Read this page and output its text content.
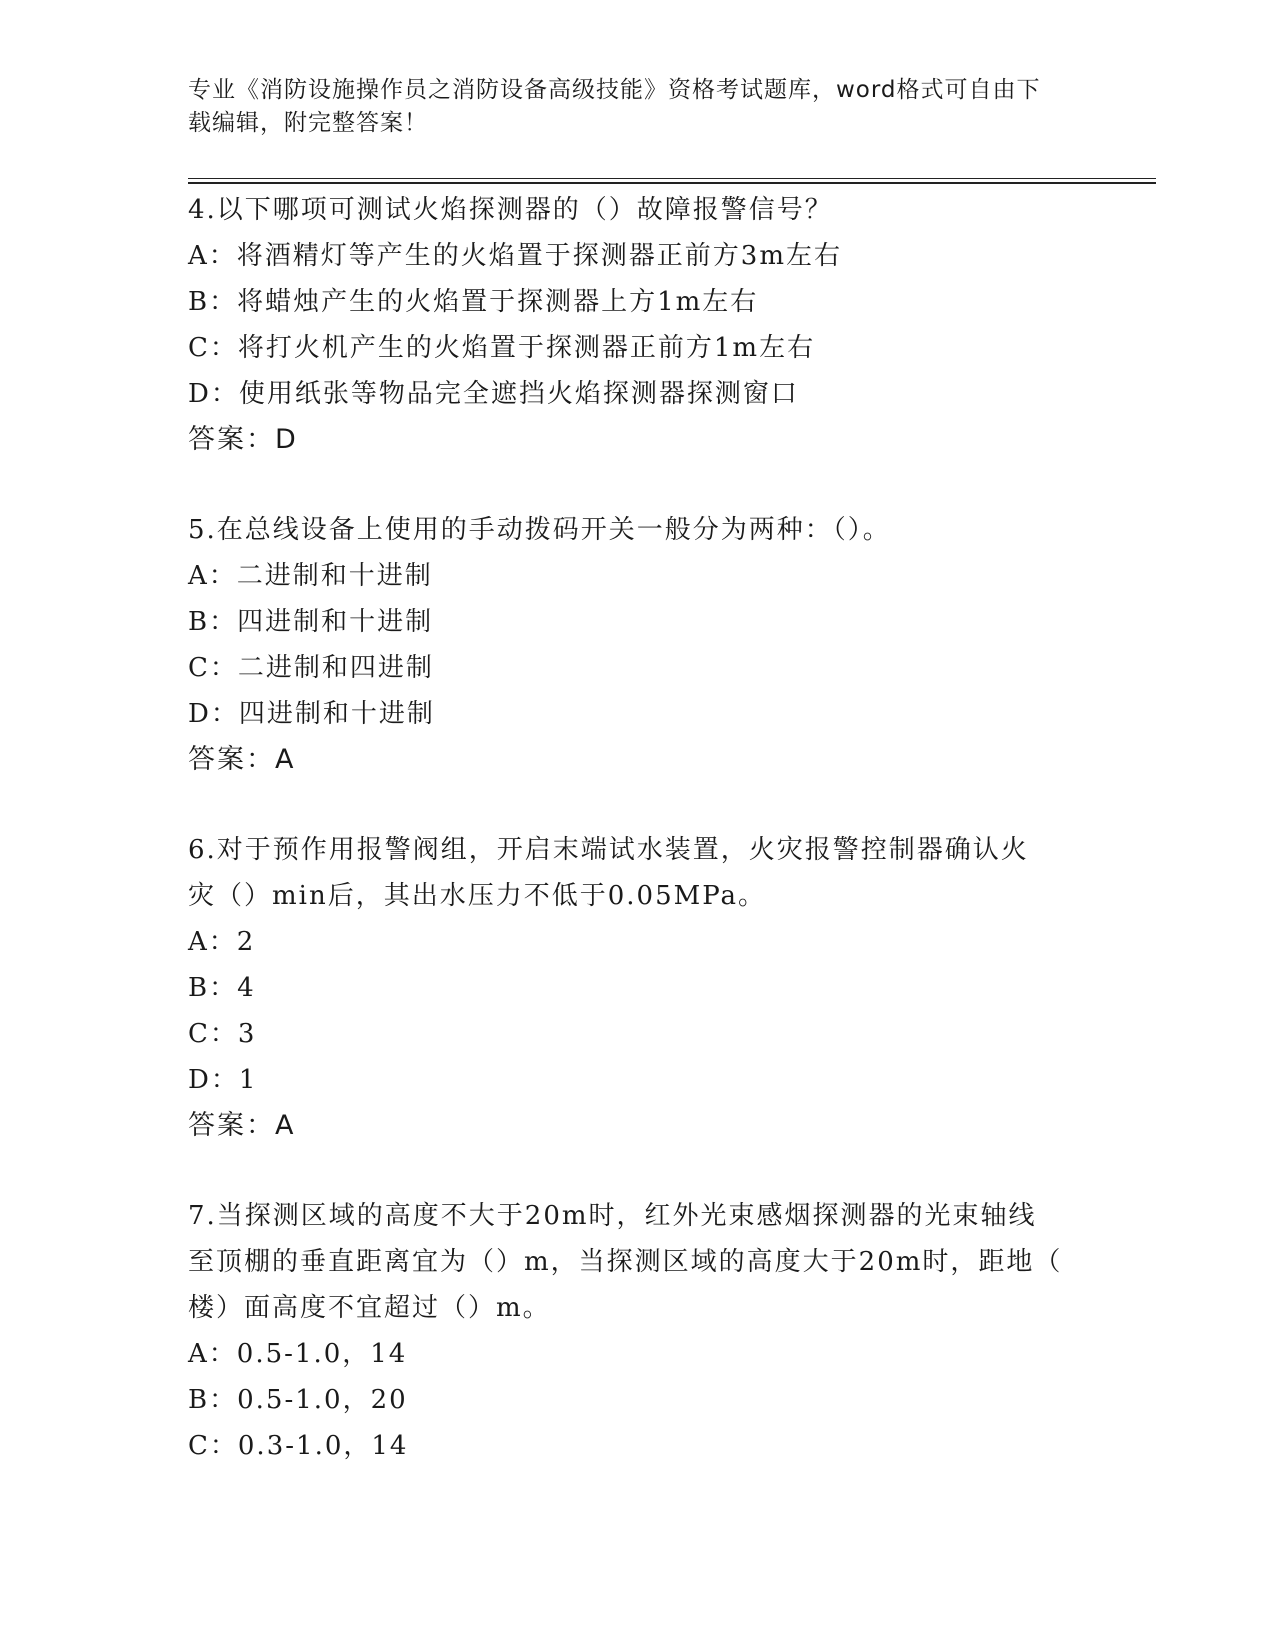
专业《消防设施操作员之消防设备高级技能》资格考试题库，word格式可自由下
载编辑，附完整答案！
4.以下哪项可测试火焰探测器的（）故障报警信号？
A：将酒精灯等产生的火焰置于探测器正前方3m左右
B：将蜡烛产生的火焰置于探测器上方1m左右
C：将打火机产生的火焰置于探测器正前方1m左右
D：使用纸张等物品完全遮挡火焰探测器探测窗口
答案：D
5.在总线设备上使用的手动拨码开关一般分为两种：（）。
A：二进制和十进制
B：四进制和十进制
C：二进制和四进制
D：四进制和十进制
答案：A
6.对于预作用报警阀组，开启末端试水装置，火灾报警控制器确认火
灾（）min后，其出水压力不低于0.05MPa。
A：2
B：4
C：3
D：1
答案：A
7.当探测区域的高度不大于20m时，红外光束感烟探测器的光束轴线
至顶棚的垂直距离宜为（）m，当探测区域的高度大于20m时，距地（
楼）面高度不宜超过（）m。
A：0.5-1.0，14
B：0.5-1.0，20
C：0.3-1.0，14
